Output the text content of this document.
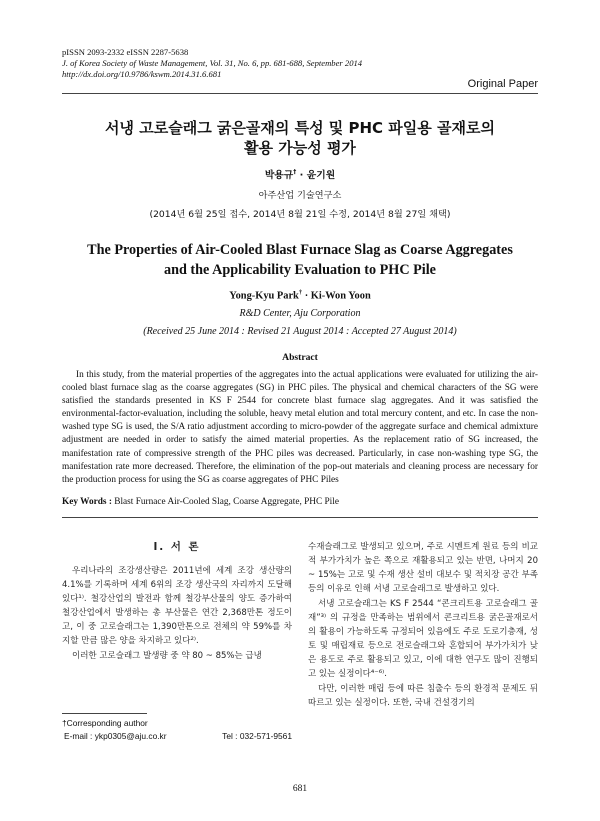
pISSN 2093-2332 eISSN 2287-5638
J. of Korea Society of Waste Management, Vol. 31, No. 6, pp. 681-688, September 2014
http://dx.doi.org/10.9786/kswm.2014.31.6.681
Original Paper
서냉 고로슬래그 굵은골재의 특성 및 PHC 파일용 골재로의
활용 가능성 평가
박용규† · 윤기원
아주산업 기술연구소
(2014년 6월 25일 접수, 2014년 8월 21일 수정, 2014년 8월 27일 채택)
The Properties of Air-Cooled Blast Furnace Slag as Coarse Aggregates
and the Applicability Evaluation to PHC Pile
Yong-Kyu Park† · Ki-Won Yoon
R&D Center, Aju Corporation
(Received 25 June 2014 : Revised 21 August 2014 : Accepted 27 August 2014)
Abstract
In this study, from the material properties of the aggregates into the actual applications were evaluated for utilizing the air-cooled blast furnace slag as the coarse aggregates (SG) in PHC piles. The physical and chemical characters of the SG were satisfied the standards presented in KS F 2544 for concrete blast furnace slag aggregates. And it was satisfied the environmental-factor-evaluation, including the soluble, heavy metal elution and total mercury content, and etc. In case the non-washed type SG is used, the S/A ratio adjustment according to micro-powder of the aggregate surface and chemical admixture adjustment are needed in order to satisfy the aimed material properties. As the replacement ratio of SG increased, the manifestation rate of compressive strength of the PHC piles was decreased. Particularly, in case non-washing type SG, the manifestation rate more decreased. Therefore, the elimination of the pop-out materials and cleaning process are necessary for the production process for using the SG as coarse aggregates of PHC Piles
Key Words : Blast Furnace Air-Cooled Slag, Coarse Aggregate, PHC Pile
I. 서 론

우리나라의 조강생산량은 2011년에 세계 조강 생산량의 4.1%를 기록하며 세계 6위의 조강 생산국의 자리까지 도달해 있다¹⁾. 철강산업의 발전과 함께 철강부산물의 양도 증가하여 철강산업에서 발생하는 총 부산물은 연간 2,368만톤 정도이고, 이 중 고로슬래그는 1,390만톤으로 전체의 약 59%를 차지할 만큼 많은 양을 차지하고 있다²⁾.

이러한 고로슬래그 발생량 중 약 80 ~ 85%는 급냉

수재슬래그로 발생되고 있으며, 주로 시멘트계 원료 등의 비교적 부가가치가 높은 쪽으로 재활용되고 있는 반면, 나머지 20 ~ 15%는 고로 및 수재 생산 설비 대보수 및 적치장 공간 부족 등의 이유로 인해 서냉 고로슬래그로 발생하고 있다.

서냉 고로슬래그는 KS F 2544 “콘크리트용 고로슬래그 골재”³⁾ 의 규정을 만족하는 범위에서 콘크리트용 굵은골재로서의 활용이 가능하도록 규정되어 있음에도 주로 도로기층재, 성토 및 매립재료 등으로 전로슬래그와 혼합되어 부가가치가 낮은 용도로 주로 활용되고 있고, 이에 대한 연구도 많이 진행되고 있는 실정이다⁴⁻⁶⁾.

다만, 이러한 매립 등에 따른 침출수 등의 환경적 문제도 뒤따르고 있는 실정이다. 또한, 국내 건설경기의

†Corresponding author
E-mail : ykp0305@aju.co.kr	Tel : 032-571-9561
681
